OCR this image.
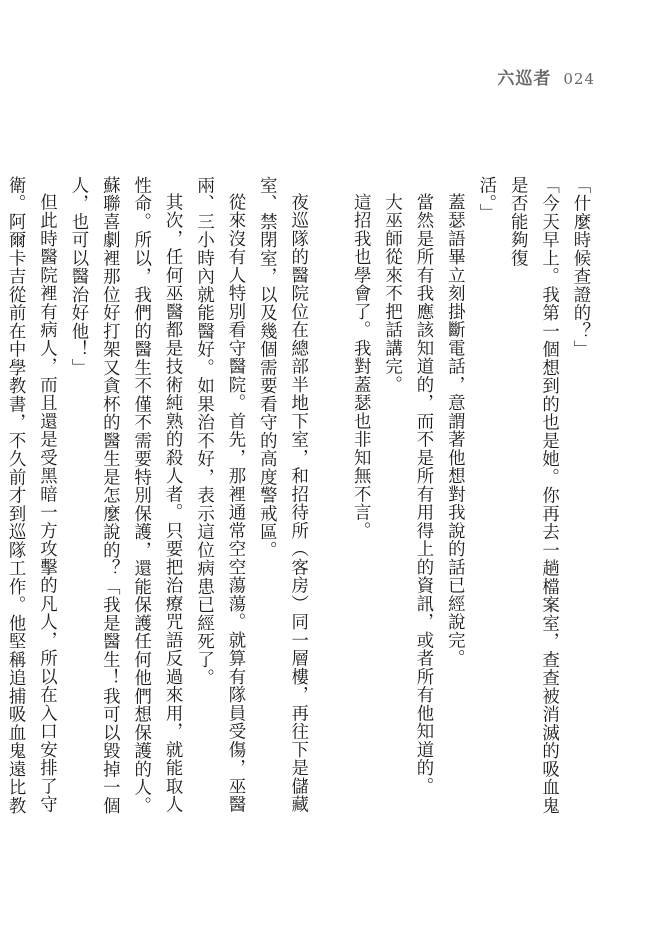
六巡者 024

「什麼時候查證的？」

「今天早上。我第一個想到的也是她。你再去一趟檔案室，查查被消滅的吸血鬼是否能夠復

活。」

蓋瑟語畢立刻掛斷電話，意謂著他想對我說的話已經說完。

當然是所有我應該知道的，而不是所有用得上的資訊，或者所有他知道的。

大巫師從來不把話講完。

這招我也學會了。我對蓋瑟也非知無不言。

夜巡隊的醫院位在總部半地下室，和招待所（客房）同一層樓，再往下是儲藏室、禁閉室，以及幾個需要看守的高度警戒區。

從來沒有人特別看守醫院。首先，那裡通常空空蕩蕩。就算有隊員受傷，巫醫兩、三小時內就能醫好。如果治不好，表示這位病患已經死了。

其次，任何巫醫都是技術純熟的殺人者。只要把治療咒語反過來用，就能取人性命。所以，我們的醫生不僅不需要特別保護，還能保護任何他們想保護的人。蘇聯喜劇裡那位好打架又貪杯的醫生是怎麼說的？「我是醫生！我可以毀掉一個人，也可以醫治好他！」

但此時醫院裡有病人，而且還是受黑暗一方攻擊的凡人，所以在入口安排了守衛。阿爾卡吉從前在中學教書，不久前才到巡隊工作。他堅稱追捕吸血鬼遠比教
